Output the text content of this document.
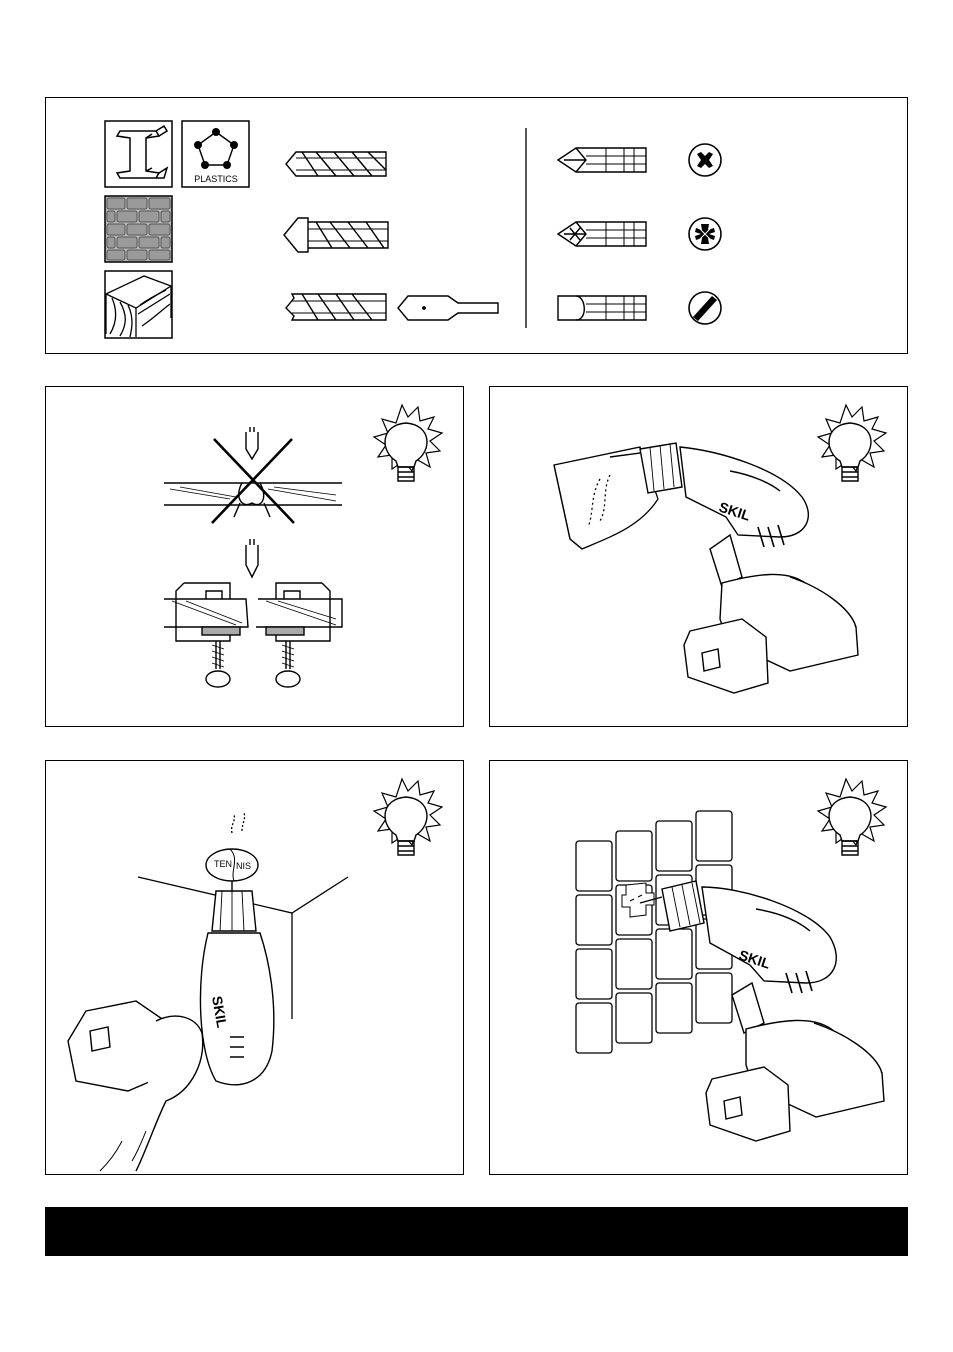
PLASTICS
SKIL
TEN NIS
SKIL
SKIL
